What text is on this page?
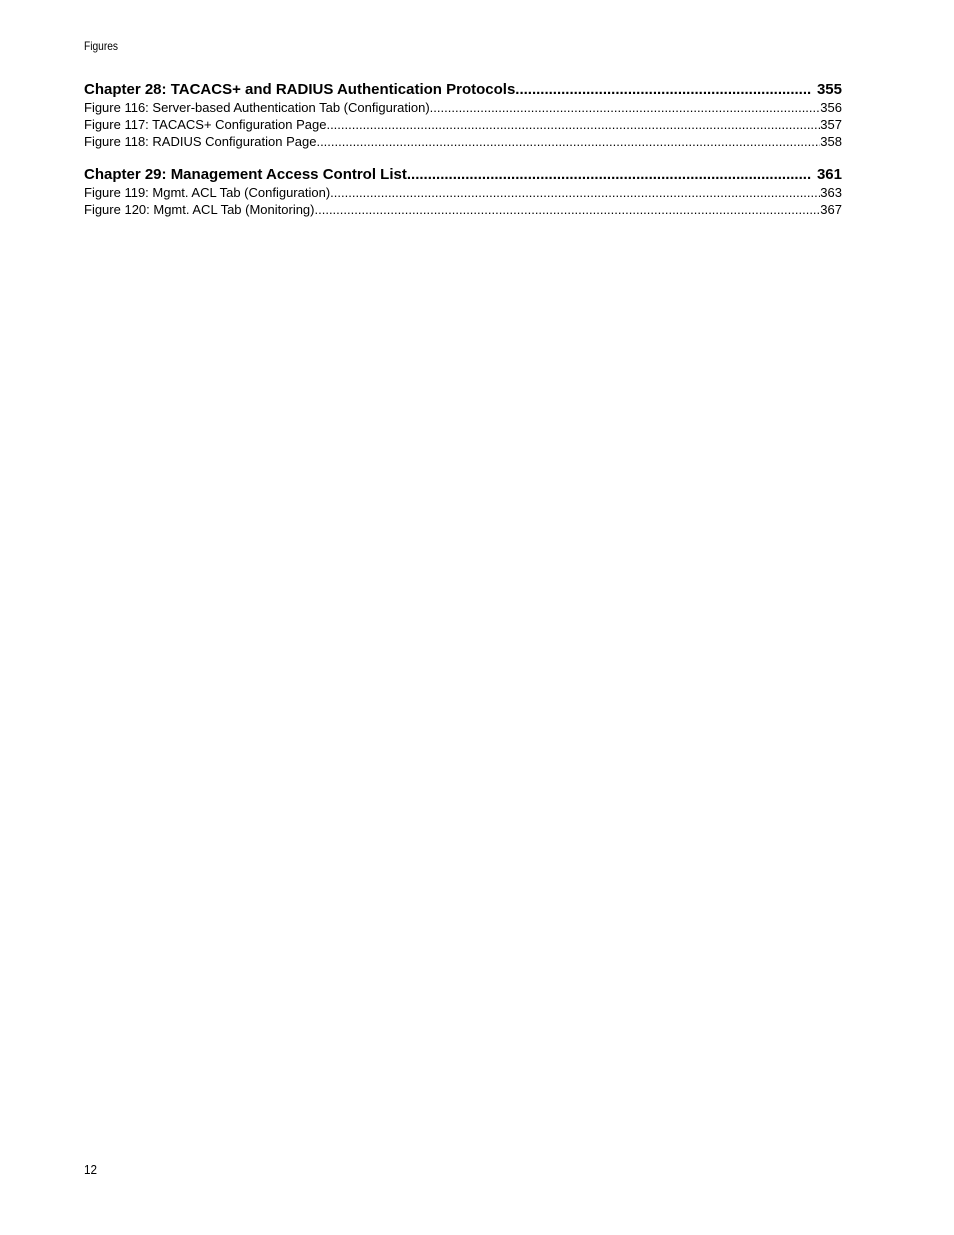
Figures
Chapter 28: TACACS+ and RADIUS Authentication Protocols .....	355
Figure 116: Server-based Authentication Tab (Configuration) .....	356
Figure 117: TACACS+ Configuration Page .....	357
Figure 118: RADIUS Configuration Page .....	358
Chapter 29: Management Access Control List .....	361
Figure 119: Mgmt. ACL Tab (Configuration) .....	363
Figure 120: Mgmt. ACL Tab (Monitoring) .....	367
12
